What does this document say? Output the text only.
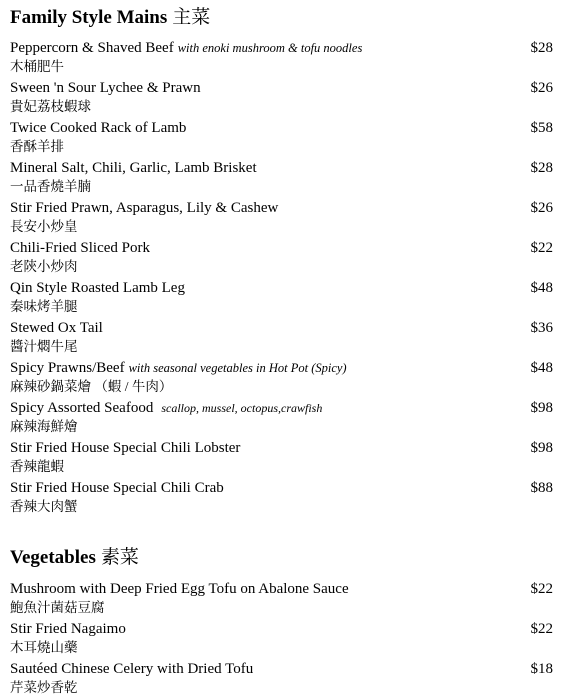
Family Style Mains 主菜
Peppercorn & Shaved Beef with enoki mushroom & tofu noodles	$28
木桶肥牛
Sween 'n Sour Lychee & Prawn	$26
貴妃荔枝蝦球
Twice Cooked Rack of Lamb	$58
香酥羊排
Mineral Salt, Chili, Garlic, Lamb Brisket	$28
一品香燒羊腩
Stir Fried Prawn, Asparagus, Lily & Cashew	$26
長安小炒皇
Chili-Fried Sliced Pork	$22
老陝小炒肉
Qin Style Roasted Lamb Leg	$48
秦味烤羊腿
Stewed Ox Tail	$36
醬汁燜牛尾
Spicy Prawns/Beef with seasonal vegetables in Hot Pot (Spicy)	$48
麻辣砂鍋菜燴 （蝦 / 牛肉）
Spicy Assorted Seafood scallop, mussel, octopus,crawfish	$98
麻辣海鮮燴
Stir Fried House Special Chili Lobster	$98
香辣龍蝦
Stir Fried House Special Chili Crab	$88
香辣大肉蟹
Vegetables 素菜
Mushroom with Deep Fried Egg Tofu on Abalone Sauce	$22
鮑魚汁菌菇豆腐
Stir Fried Nagaimo	$22
木耳燒山藥
Sautéed Chinese Celery with Dried Tofu	$18
芹菜炒香乾
